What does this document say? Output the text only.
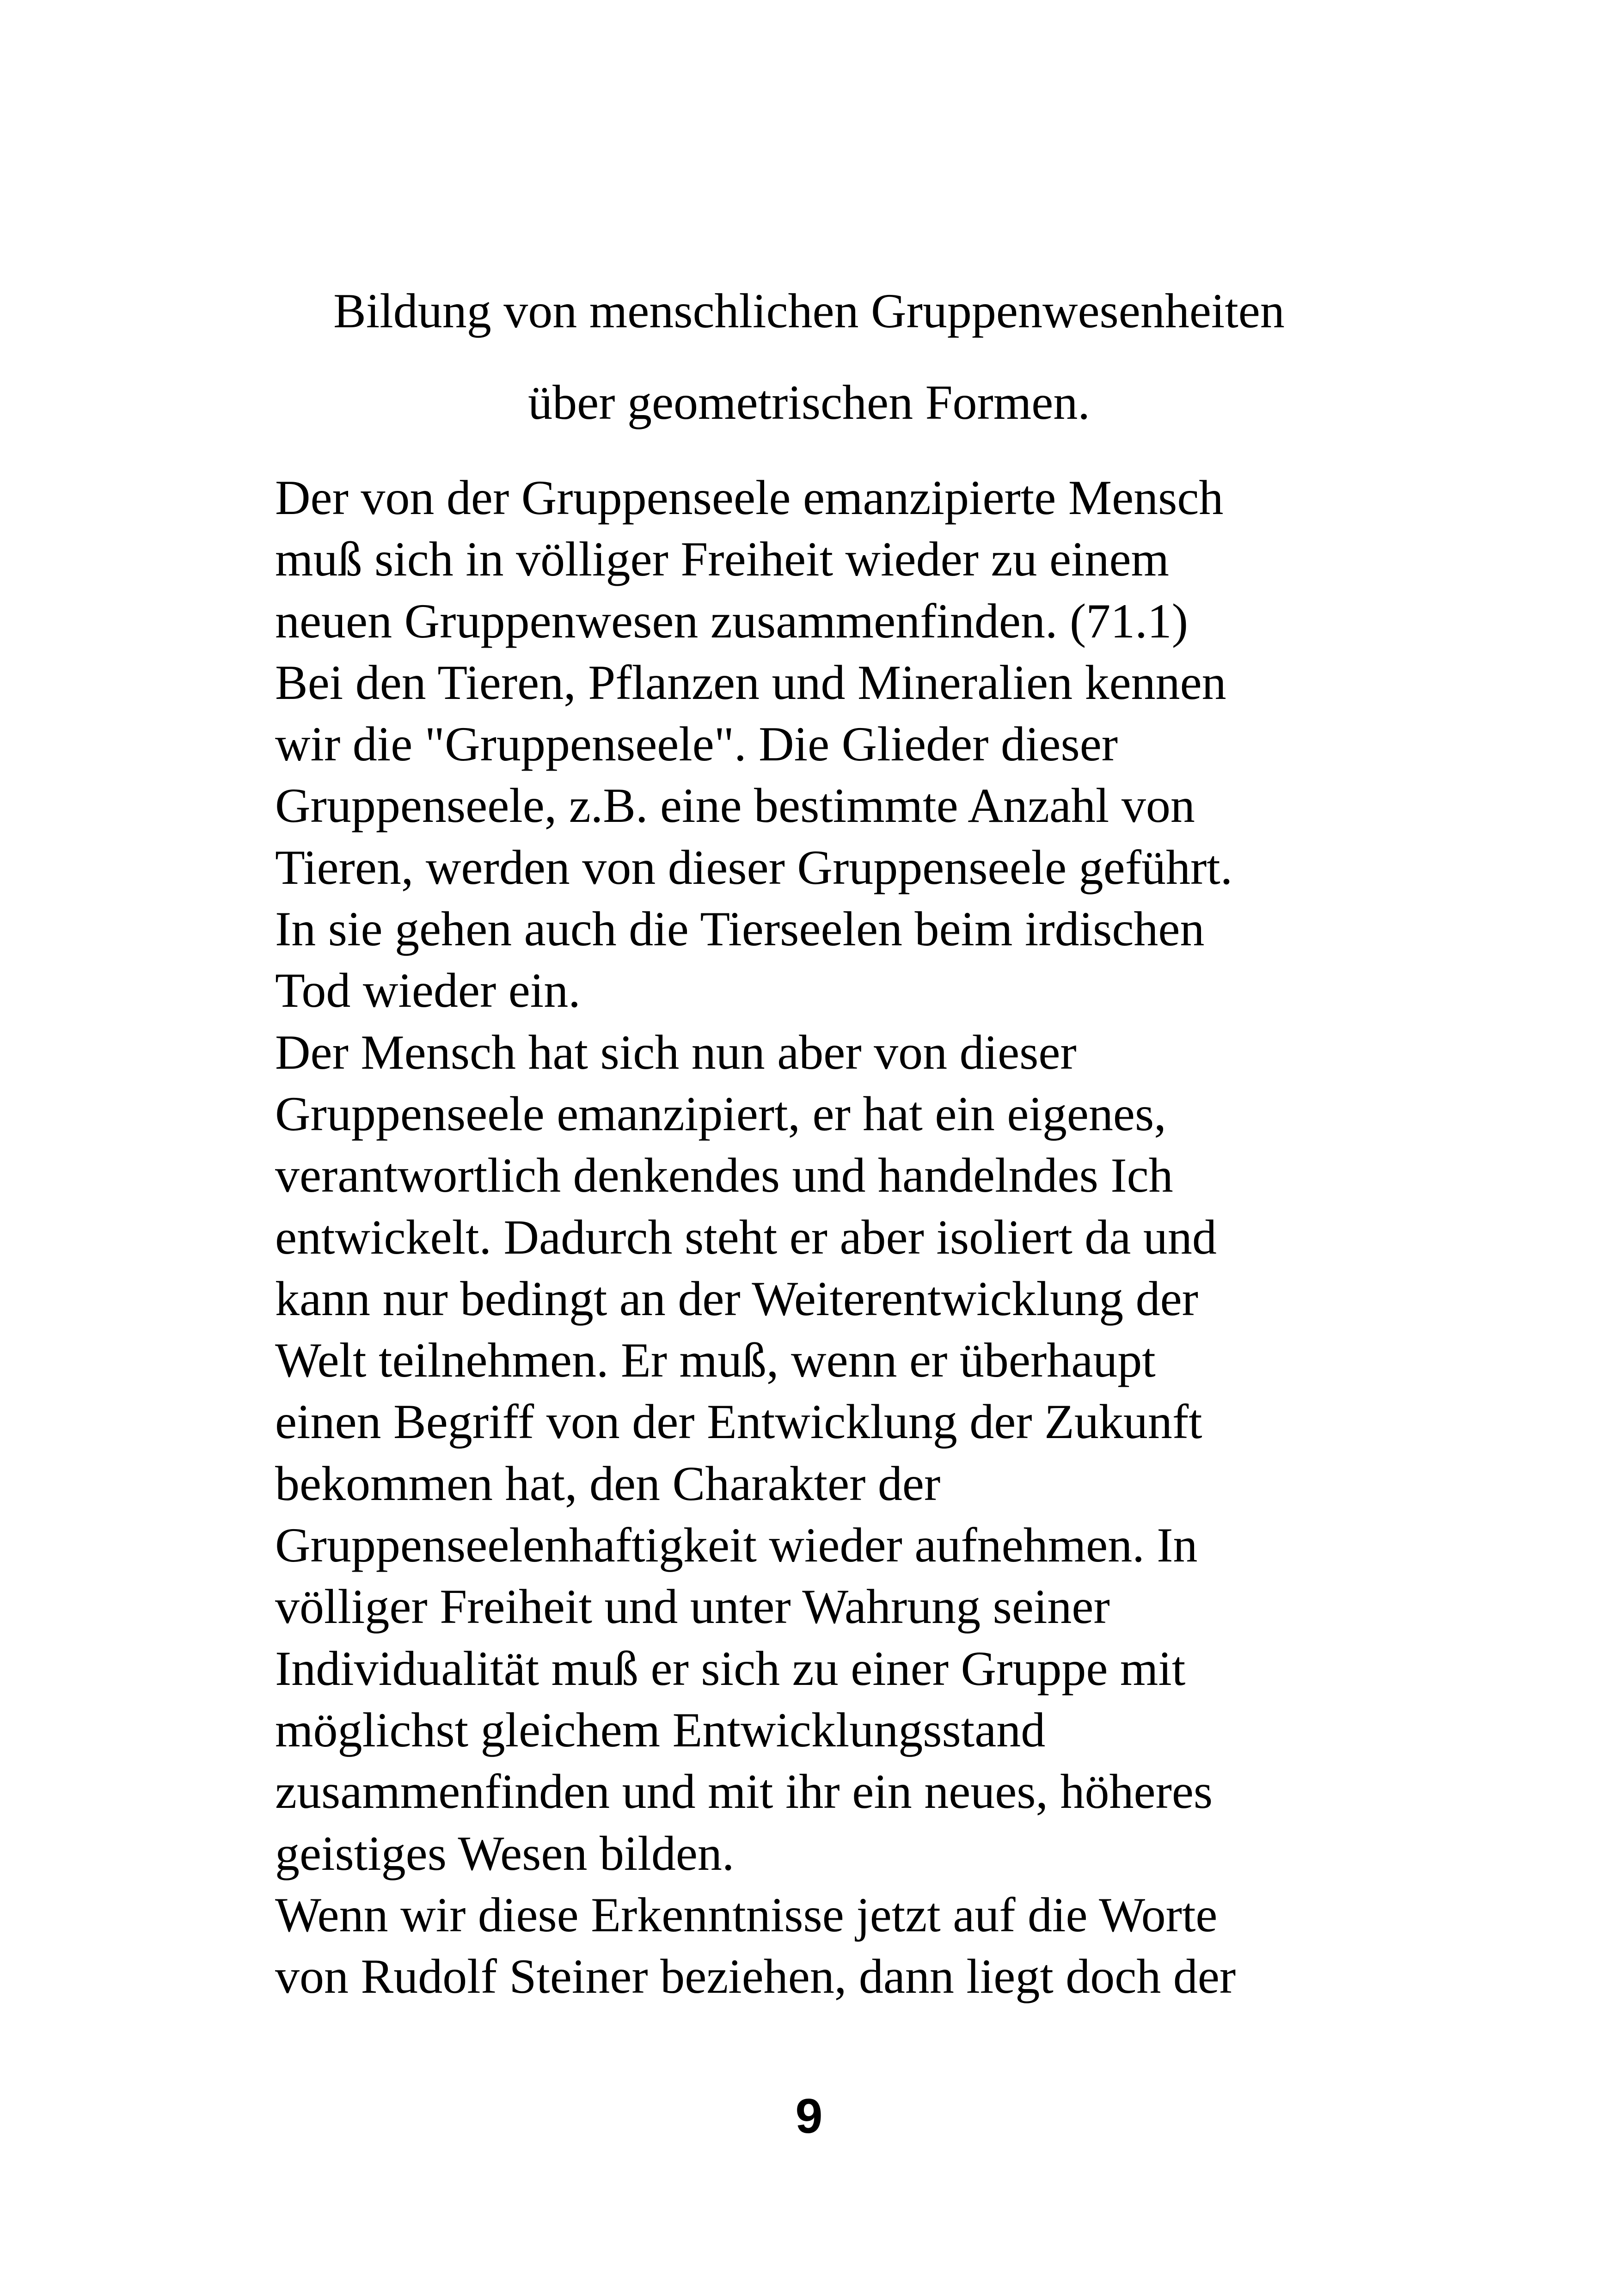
Bildung von menschlichen Gruppenwesenheiten
über geometrischen Formen.
Der von der Gruppenseele emanzipierte Mensch
muß sich in völliger Freiheit wieder zu einem
neuen Gruppenwesen zusammenfinden. (71.1)
Bei den Tieren, Pflanzen und Mineralien kennen
wir die "Gruppenseele". Die Glieder dieser
Gruppenseele, z.B. eine bestimmte Anzahl von
Tieren, werden von dieser Gruppenseele geführt.
In sie gehen auch die Tierseelen beim irdischen
Tod wieder ein.
Der Mensch hat sich nun aber von dieser
Gruppenseele emanzipiert, er hat ein eigenes,
verantwortlich denkendes und handelndes Ich
entwickelt. Dadurch steht er aber isoliert da und
kann nur bedingt an der Weiterentwicklung der
Welt teilnehmen. Er muß, wenn er überhaupt
einen Begriff von der Entwicklung der Zukunft
bekommen hat, den Charakter der
Gruppenseelenhaftigkeit wieder aufnehmen. In
völliger Freiheit und unter Wahrung seiner
Individualität muß er sich zu einer Gruppe mit
möglichst gleichem Entwicklungsstand
zusammenfinden und mit ihr ein neues, höheres
geistiges Wesen bilden.
Wenn wir diese Erkenntnisse jetzt auf die Worte
von Rudolf Steiner beziehen, dann liegt doch der
9
